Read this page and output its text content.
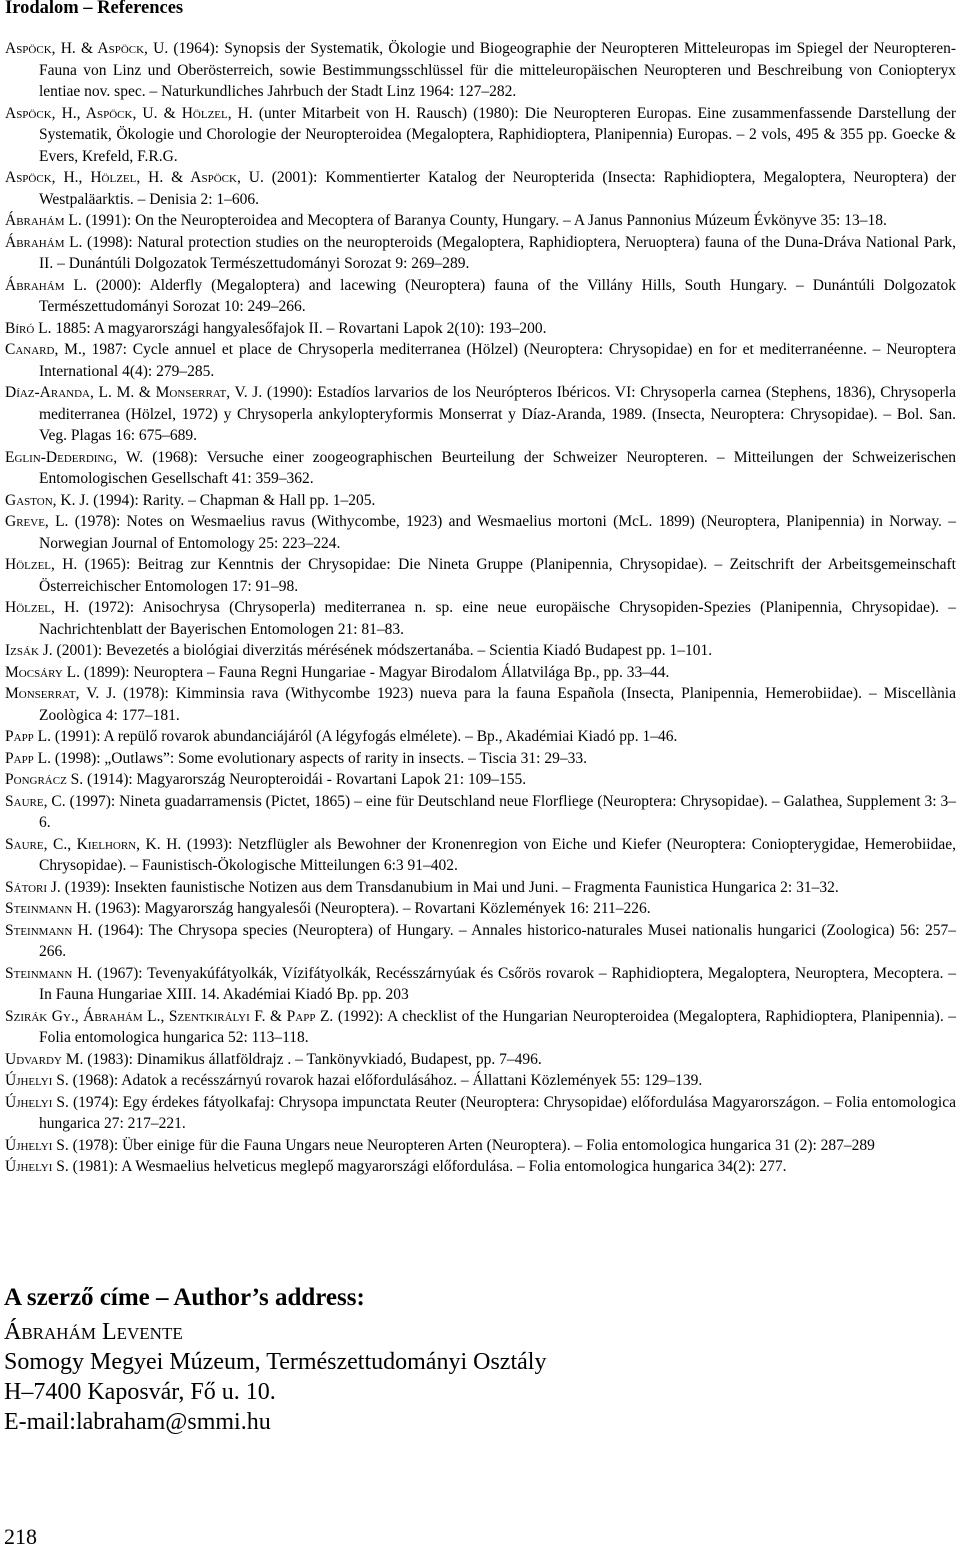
Irodalom – References

Aspöck, H. & Aspöck, U. (1964): Synopsis der Systematik, Ökologie und Biogeographie der Neuropteren Mitteleuropas im Spiegel der Neuropteren-Fauna von Linz und Oberösterreich, sowie Bestimmungsschlüssel für die mitteleuropäischen Neuropteren und Beschreibung von Coniopteryx lentiae nov. spec. – Naturkundliches Jahrbuch der Stadt Linz 1964: 127–282.

Aspöck, H., Aspöck, U. & Hölzel, H. (unter Mitarbeit von H. Rausch) (1980): Die Neuropteren Europas. Eine zusammenfassende Darstellung der Systematik, Ökologie und Chorologie der Neuropteroidea (Megaloptera, Raphidioptera, Planipennia) Europas. – 2 vols, 495 & 355 pp. Goecke & Evers, Krefeld, F.R.G.

Aspöck, H., Hölzel, H. & Aspöck, U. (2001): Kommentierter Katalog der Neuropterida (Insecta: Raphidioptera, Megaloptera, Neuroptera) der Westpaläarktis. – Denisia 2: 1–606.

Ábrahám L. (1991): On the Neuropteroidea and Mecoptera of Baranya County, Hungary. – A Janus Pannonius Múzeum Évkönyve 35: 13–18.

Ábrahám L. (1998): Natural protection studies on the neuropteroids (Megaloptera, Raphidioptera, Neruoptera) fauna of the Duna-Dráva National Park, II. – Dunántúli Dolgozatok Természettudományi Sorozat 9: 269–289.

Ábrahám L. (2000): Alderfly (Megaloptera) and lacewing (Neuroptera) fauna of the Villány Hills, South Hungary. – Dunántúli Dolgozatok Természettudományi Sorozat 10: 249–266.

Bíró L. 1885: A magyarországi hangyalesőfajok II. – Rovartani Lapok 2(10): 193–200.

Canard, M., 1987: Cycle annuel et place de Chrysoperla mediterranea (Hölzel) (Neuroptera: Chrysopidae) en for et mediterranéenne. – Neuroptera International 4(4): 279–285.

Díaz-Aranda, L. M. & Monserrat, V. J. (1990): Estadíos larvarios de los Neurópteros Ibéricos. VI: Chrysoperla carnea (Stephens, 1836), Chrysoperla mediterranea (Hölzel, 1972) y Chrysoperla ankylopteryformis Monserrat y Díaz-Aranda, 1989. (Insecta, Neuroptera: Chrysopidae). – Bol. San. Veg. Plagas 16: 675–689.

Eglin-Dederding, W. (1968): Versuche einer zoogeographischen Beurteilung der Schweizer Neuropteren. – Mitteilungen der Schweizerischen Entomologischen Gesellschaft 41: 359–362.

Gaston, K. J. (1994): Rarity. – Chapman & Hall pp. 1–205.

Greve, L. (1978): Notes on Wesmaelius ravus (Withycombe, 1923) and Wesmaelius mortoni (McL. 1899) (Neuroptera, Planipennia) in Norway. – Norwegian Journal of Entomology 25: 223–224.

Hölzel, H. (1965): Beitrag zur Kenntnis der Chrysopidae: Die Nineta Gruppe (Planipennia, Chrysopidae). – Zeitschrift der Arbeitsgemeinschaft Österreichischer Entomologen 17: 91–98.

Hölzel, H. (1972): Anisochrysa (Chrysoperla) mediterranea n. sp. eine neue europäische Chrysopiden-Spezies (Planipennia, Chrysopidae). – Nachrichtenblatt der Bayerischen Entomologen 21: 81–83.

Izsák J. (2001): Bevezetés a biológiai diverzitás mérésének módszertanába. – Scientia Kiadó Budapest pp. 1–101.

Mocsáry L. (1899): Neuroptera – Fauna Regni Hungariae - Magyar Birodalom Állatvilága Bp., pp. 33–44.

Monserrat, V. J. (1978): Kimminsia rava (Withycombe 1923) nueva para la fauna Española (Insecta, Planipennia, Hemerobiidae). – Miscellània Zoològica 4: 177–181.

Papp L. (1991): A repülő rovarok abundanciájáról (A légyfogás elmélete). – Bp., Akadémiai Kiadó pp. 1–46.

Papp L. (1998): „Outlaws”: Some evolutionary aspects of rarity in insects. – Tiscia 31: 29–33.

Pongrácz S. (1914): Magyarország Neuropteroidái - Rovartani Lapok 21: 109–155.

Saure, C. (1997): Nineta guadarramensis (Pictet, 1865) – eine für Deutschland neue Florfliege (Neuroptera: Chrysopidae). – Galathea, Supplement 3: 3–6.

Saure, C., Kielhorn, K. H. (1993): Netzflügler als Bewohner der Kronenregion von Eiche und Kiefer (Neuroptera: Coniopterygidae, Hemerobiidae, Chrysopidae). – Faunistisch-Ökologische Mitteilungen 6:3 91–402.

Sátori J. (1939): Insekten faunistische Notizen aus dem Transdanubium in Mai und Juni. – Fragmenta Faunistica Hungarica 2: 31–32.

Steinmann H. (1963): Magyarország hangyalesői (Neuroptera). – Rovartani Közlemények 16: 211–226.

Steinmann H. (1964): The Chrysopa species (Neuroptera) of Hungary. – Annales historico-naturales Musei nationalis hungarici (Zoologica) 56: 257–266.

Steinmann H. (1967): Tevenyakúfátyolkák, Vízifátyolkák, Recésszárnyúak és Csőrös rovarok – Raphidioptera, Megaloptera, Neuroptera, Mecoptera. – In Fauna Hungariae XIII. 14. Akadémiai Kiadó Bp. pp. 203

Szirák Gy., Ábrahám L., Szentkirályi F. & Papp Z. (1992): A checklist of the Hungarian Neuropteroidea (Megaloptera, Raphidioptera, Planipennia). – Folia entomologica hungarica 52: 113–118.

Udvardy M. (1983): Dinamikus állatföldrajz . – Tankönyvkiadó, Budapest, pp. 7–496.

Újhelyi S. (1968): Adatok a recésszárnyú rovarok hazai előfordulásához. – Állattani Közlemények 55: 129–139.

Újhelyi S. (1974): Egy érdekes fátyolkafaj: Chrysopa impunctata Reuter (Neuroptera: Chrysopidae) előfordulása Magyarországon. – Folia entomologica hungarica 27: 217–221.

Újhelyi S. (1978): Über einige für die Fauna Ungars neue Neuropteren Arten (Neuroptera). – Folia entomologica hungarica 31 (2): 287–289

Újhelyi S. (1981): A Wesmaelius helveticus meglepő magyarországi előfordulása. – Folia entomologica hungarica 34(2): 277.

A szerző címe – Author’s address:
Ábrahám Levente
Somogy Megyei Múzeum, Természettudományi Osztály
H–7400 Kaposvár, Fő u. 10.
E-mail:labraham@smmi.hu
218
